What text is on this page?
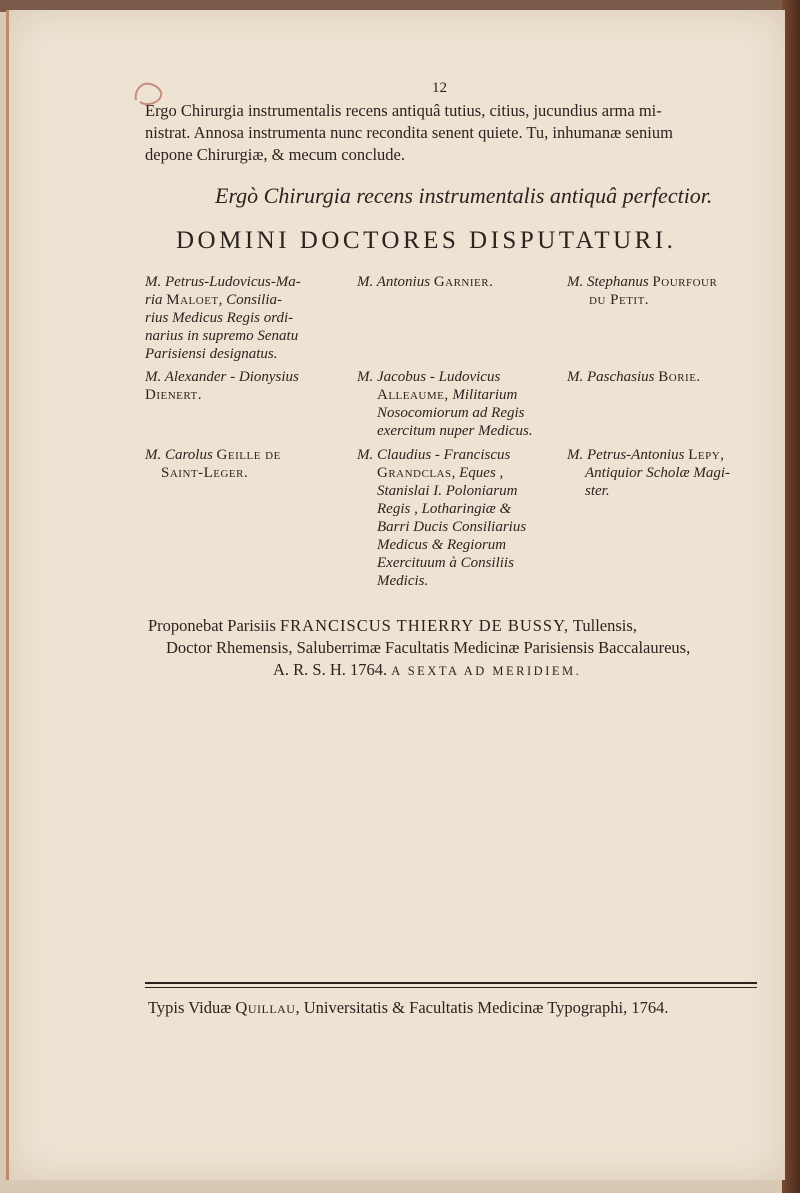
12
Ergo Chirurgia instrumentalis recens antiquâ tutius, citius, jucundius arma mi-
nistrat. Annosa instrumenta nunc recondita senent quiete. Tu, inhumanæ senium
depone Chirurgiæ, & mecum conclude.
Ergò Chirurgia recens instrumentalis antiquâ perfectior.
DOMINI DOCTORES DISPUTATURI.
M. Petrus-Ludovicus-Ma-
ria Maloet, Consilia-
rius Medicus Regis ordi-
narius in supremo Senatu
Parisiensi designatus.
M. Alexander - Dionysius
Dienert.
M. Carolus Geille de
Saint-Leger.
M. Antonius Garnier.
M. Jacobus - Ludovicus
Alleaume, Militarium
Nosocomiorum ad Regis
exercitum nuper Medicus.
M. Claudius - Franciscus
Grandclas, Eques ,
Stanislai I. Poloniarum
Regis , Lotharingiæ &
Barri Ducis Consiliarius
Medicus & Regiorum
Exercituum à Consiliis
Medicis.
M. Stephanus Pourfour
du Petit.
M. Paschasius Borie.
M. Petrus-Antonius Lepy,
Antiquior Scholæ Magi-
ster.
Proponebat Parisiis FRANCISCUS THIERRY DE BUSSY, Tullensis,
Doctor Rhemensis, Saluberrimæ Facultatis Medicinæ Parisiensis Baccalaureus,
A. R. S. H. 1764. A SEXTA AD MERIDIEM.
Typis Viduæ Quillau, Universitatis & Facultatis Medicinæ Typographi, 1764.
